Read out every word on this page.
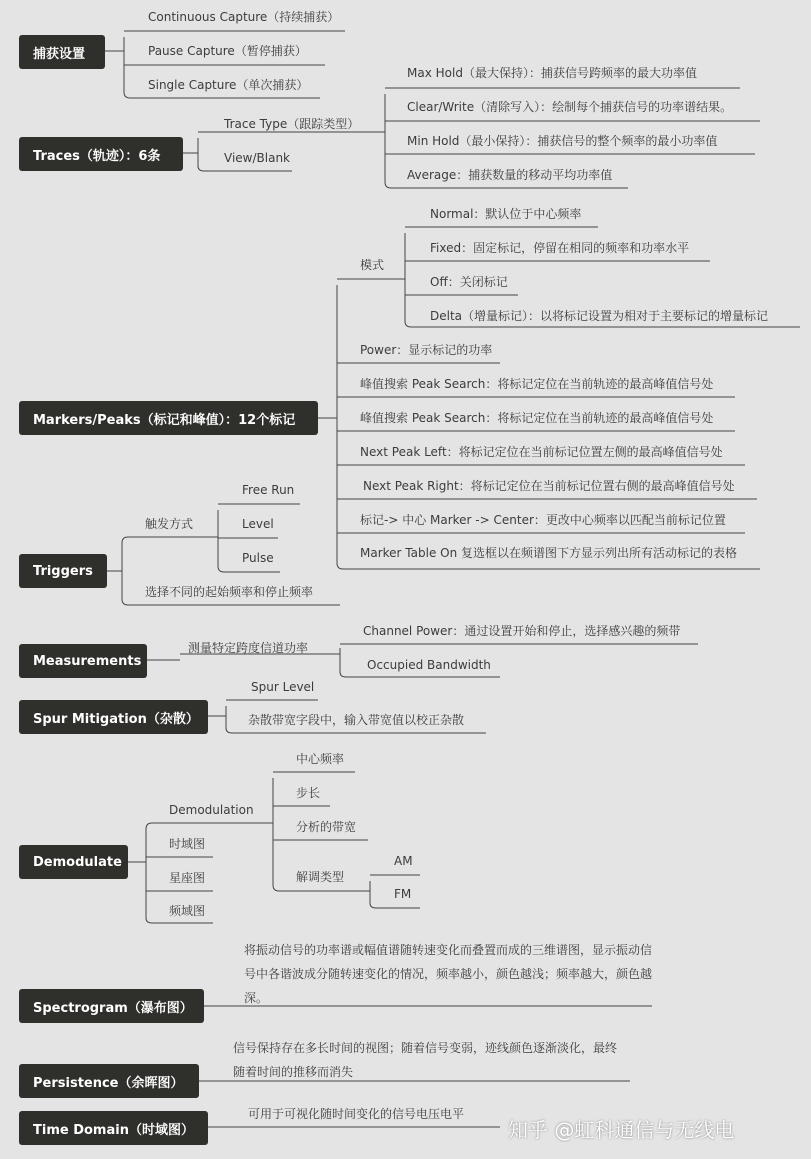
捕获设置
Traces（轨迹）：6条
Markers/Peaks（标记和峰值）：12个标记
Triggers
Measurements
Spur Mitigation（杂散）
Demodulate
Spectrogram（瀑布图）
Persistence（余晖图）
Time Domain（时域图）
Continuous Capture（持续捕获）
Pause Capture（暂停捕获）
Single Capture（单次捕获）
Trace Type（跟踪类型）
View/Blank
Max Hold（最大保持）：捕获信号跨频率的最大功率值
Clear/Write（清除写入）：绘制每个捕获信号的功率谱结果。
Min Hold（最小保持）：捕获信号的整个频率的最小功率值
Average：捕获数量的移动平均功率值
模式
Normal：默认位于中心频率
Fixed：固定标记，停留在相同的频率和功率水平
Off：关闭标记
Delta（增量标记）：以将标记设置为相对于主要标记的增量标记
Power：显示标记的功率
峰值搜索 Peak Search：将标记定位在当前轨迹的最高峰值信号处
峰值搜索 Peak Search：将标记定位在当前轨迹的最高峰值信号处
Next Peak Left：将标记定位在当前标记位置左侧的最高峰值信号处
Next Peak Right：将标记定位在当前标记位置右侧的最高峰值信号处
标记-> 中心 Marker -> Center：更改中心频率以匹配当前标记位置
Marker Table On 复选框以在频谱图下方显示列出所有活动标记的表格
触发方式
Free Run
Level
Pulse
选择不同的起始频率和停止频率
测量特定跨度信道功率
Channel Power：通过设置开始和停止，选择感兴趣的频带
Occupied Bandwidth
Spur Level
杂散带宽字段中，输入带宽值以校正杂散
Demodulation
时域图
星座图
频域图
中心频率
步长
分析的带宽
解调类型
AM
FM
将振动信号的功率谱或幅值谱随转速变化而叠置而成的三维谱图，显示振动信号中各谐波成分随转速变化的情况，频率越小，颜色越浅；频率越大，颜色越深。
信号保持存在多长时间的视图；随着信号变弱，迹线颜色逐渐淡化，最终随着时间的推移而消失
可用于可视化随时间变化的信号电压电平
知乎 @虹科通信与无线电
